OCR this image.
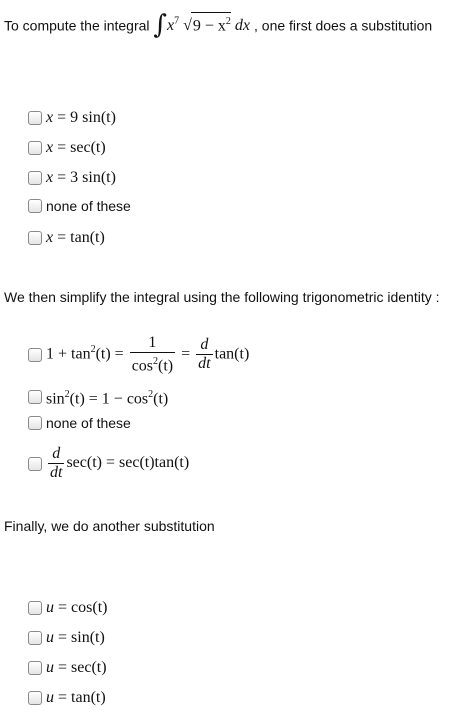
To compute the integral $\int x^7$ $√9 - x^2$ dx , one first does a substitution
x = 9 sin(t)
x = sec(t)
x = 3 sin(t)
none of these
x = tan(t)
We then simplify the integral using the following trigonometric identity :
$1 + \tan^2(t) = \frac{1}{\cos^2(t)} = \frac{d}{dt} \tan(t)$
$\sin^2(t) = 1 - \cos^2(t)$
none of these
$\frac{d}{dt} \sec(t) = \sec(t)\tan(t)$
Finally, we do another substitution
u = cos(t)
u = sin(t)
u = sec(t)
u = tan(t)
